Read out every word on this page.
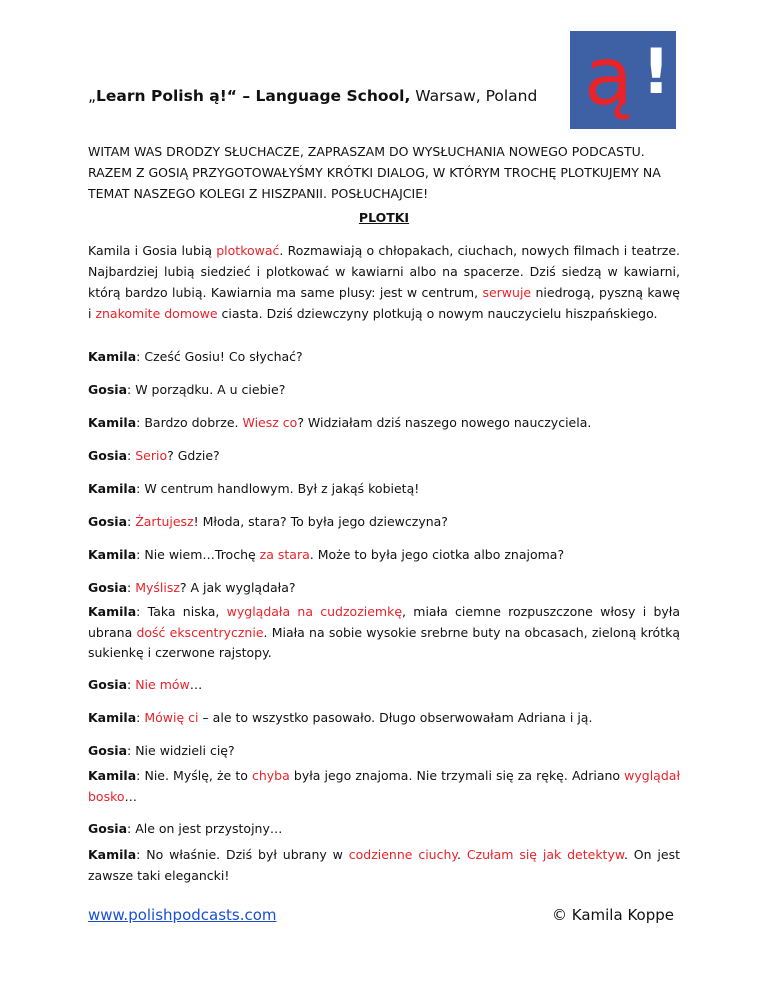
„Learn Polish ą!“ – Language School, Warsaw, Poland ą !
WITAM WAS DRODZY SŁUCHACZE, ZAPRASZAM DO WYSŁUCHANIA NOWEGO PODCASTU. RAZEM Z GOSIĄ PRZYGOTOWAŁYŚMY KRÓTKI DIALOG, W KTÓRYM TROCHĘ PLOTKUJEMY NA TEMAT NASZEGO KOLEGI Z HISZPANII. POSŁUCHAJCIE!
PLOTKI
Kamila i Gosia lubią plotkować. Rozmawiają o chłopakach, ciuchach, nowych filmach i teatrze. Najbardziej lubią siedzieć i plotkować w kawiarni albo na spacerze. Dziś siedzą w kawiarni, którą bardzo lubią. Kawiarnia ma same plusy: jest w centrum, serwuje niedrogą, pyszną kawę i znakomite domowe ciasta. Dziś dziewczyny plotkują o nowym nauczycielu hiszpańskiego.
Kamila: Cześć Gosiu! Co słychać?
Gosia: W porządku. A u ciebie?
Kamila: Bardzo dobrze. Wiesz co? Widziałam dziś naszego nowego nauczyciela.
Gosia: Serio? Gdzie?
Kamila: W centrum handlowym. Był z jakąś kobietą!
Gosia: Żartujesz! Młoda, stara? To była jego dziewczyna?
Kamila: Nie wiem…Trochę za stara. Może to była jego ciotka albo znajoma?
Gosia: Myślisz? A jak wyglądała?
Kamila: Taka niska, wyglądała na cudzoziemkę, miała ciemne rozpuszczone włosy i była ubrana dość ekscentrycznie. Miała na sobie wysokie srebrne buty na obcasach, zieloną krótką sukienkę i czerwone rajstopy.
Gosia: Nie mów…
Kamila: Mówię ci – ale to wszystko pasowało. Długo obserwowałam Adriana i ją.
Gosia: Nie widzieli cię?
Kamila: Nie. Myślę, że to chyba była jego znajoma. Nie trzymali się za rękę. Adriano wyglądał bosko…
Gosia: Ale on jest przystojny…
Kamila: No właśnie. Dziś był ubrany w codzienne ciuchy. Czułam się jak detektyw. On jest zawsze taki elegancki!
www.polishpodcasts.com	© Kamila Koppe
